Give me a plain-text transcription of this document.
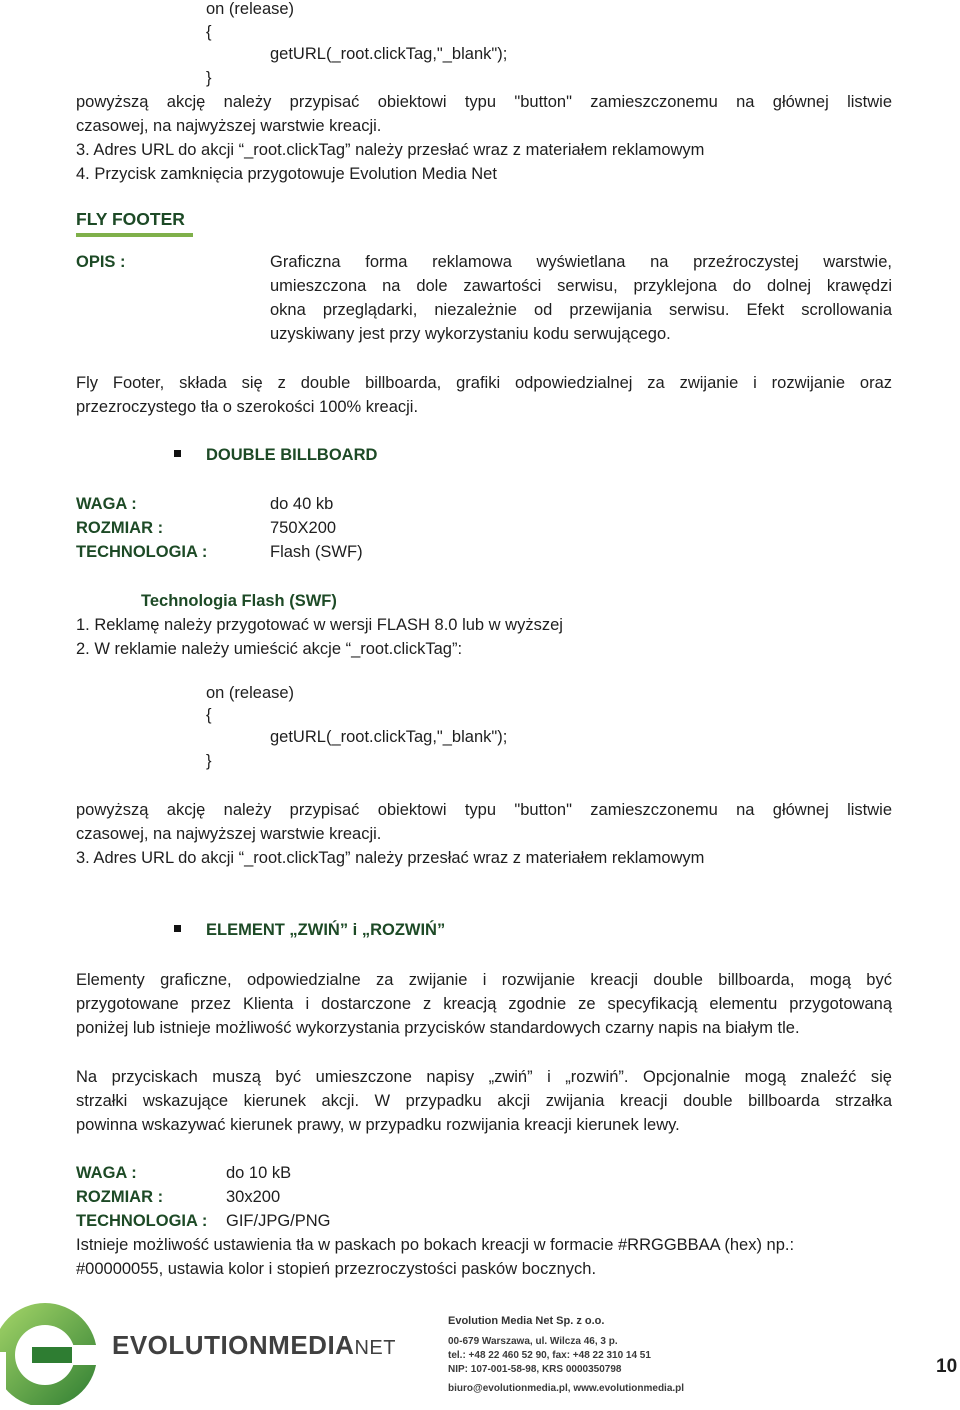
on (release)
{
getURL(_root.clickTag,"_blank");
}
powyższą akcję należy przypisać obiektowi typu "button" zamieszczonemu na głównej listwie
czasowej, na najwyższej warstwie kreacji.
3. Adres URL do akcji “_root.clickTag” należy przesłać wraz z materiałem reklamowym
4. Przycisk zamknięcia przygotowuje Evolution Media Net
FLY FOOTER
OPIS :	Graficzna forma reklamowa wyświetlana na przeźroczystej warstwie,
umieszczona na dole zawartości serwisu, przyklejona do dolnej krawędzi
okna przeglądarki, niezależnie od przewijania serwisu. Efekt scrollowania
uzyskiwany jest przy wykorzystaniu kodu serwującego.
Fly Footer, składa się z double billboarda, grafiki odpowiedzialnej za zwijanie i rozwijanie oraz
przezroczystego tła o szerokości 100% kreacji.
DOUBLE BILLBOARD
WAGA :	do 40 kb
ROZMIAR :	750X200
TECHNOLOGIA :	Flash (SWF)
Technologia Flash (SWF)
1. Reklamę należy przygotować w wersji FLASH 8.0 lub w wyższej
2. W reklamie należy umieścić akcje “_root.clickTag”:
on (release)
{
getURL(_root.clickTag,"_blank");
}
powyższą akcję należy przypisać obiektowi typu "button" zamieszczonemu na głównej listwie
czasowej, na najwyższej warstwie kreacji.
3. Adres URL do akcji “_root.clickTag” należy przesłać wraz z materiałem reklamowym
ELEMENT „ZWIŃ” i „ROZWIŃ”
Elementy graficzne, odpowiedzialne za zwijanie i rozwijanie kreacji double billboarda, mogą być
przygotowane przez Klienta i dostarczone z kreacją zgodnie ze specyfikacją elementu przygotowaną
poniżej lub istnieje możliwość wykorzystania przycisków standardowych czarny napis na białym tle.
Na przyciskach muszą być umieszczone napisy „zwiń” i „rozwiń”. Opcjonalnie mogą znaleźć się
strzałki wskazujące kierunek akcji. W przypadku akcji zwijania kreacji double billboarda strzałka
powinna wskazywać kierunek prawy, w przypadku rozwijania kreacji kierunek lewy.
WAGA :	do 10 kB
ROZMIAR :	30x200
TECHNOLOGIA : GIF/JPG/PNG
Istnieje możliwość ustawienia tła w paskach po bokach kreacji w formacie #RRGGBBAA (hex) np.:
#00000055, ustawia kolor i stopień przezroczystości pasków bocznych.
EVOLUTIONMEDIANET
Evolution Media Net Sp. z o.o.
00-679 Warszawa, ul. Wilcza 46, 3 p.
tel.: +48 22 460 52 90, fax: +48 22 310 14 51
NIP: 107-001-58-98, KRS 0000350798
biuro@evolutionmedia.pl, www.evolutionmedia.pl
10
